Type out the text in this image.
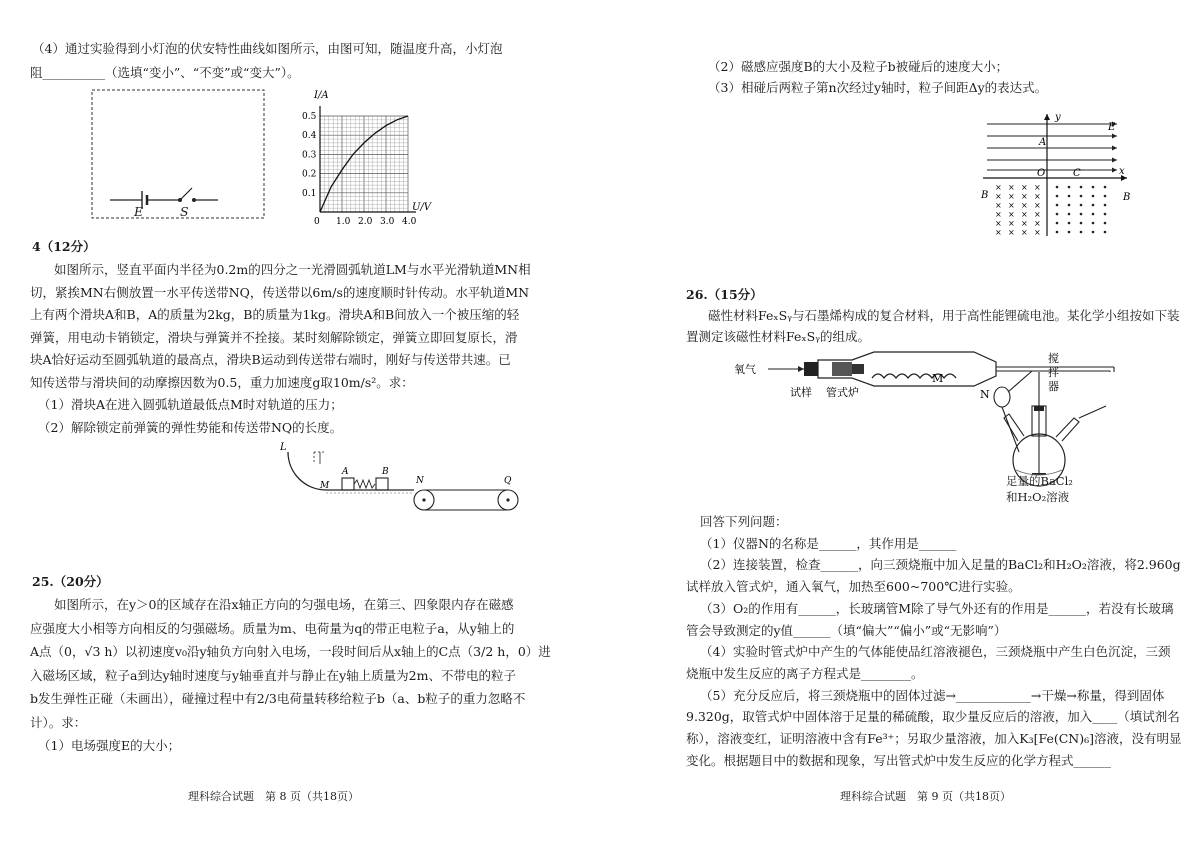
（4）通过实验得到小灯泡的伏安特性曲线如图所示，由图可知，随温度升高，小灯泡
阻__________（选填“变小”、“不变”或“变大”）。
E	S
0 1.0 2.0 3.0 4.0
0.1
0.2
0.3
0.4
0.5
I/A
U/V
4（12分）
如图所示，竖直平面内半径为0.2m的四分之一光滑圆弧轨道LM与水平光滑轨道MN相
切，紧挨MN右侧放置一水平传送带NQ，传送带以6m/s的速度顺时针传动。水平轨道MN
上有两个滑块A和B，A的质量为2kg，B的质量为1kg。滑块A和B间放入一个被压缩的轻
弹簧，用电动卡销锁定，滑块与弹簧并不拴接。某时刻解除锁定，弹簧立即回复原长，滑
块A恰好运动至圆弧轨道的最高点，滑块B运动到传送带右端时，刚好与传送带共速。已
知传送带与滑块间的动摩擦因数为0.5，重力加速度g取10m/s²。求：
（1）滑块A在进入圆弧轨道最低点M时对轨道的压力；
（2）解除锁定前弹簧的弹性势能和传送带NQ的长度。
L
M
A	B
N	Q
25.（20分）
如图所示，在y＞0的区域存在沿x轴正方向的匀强电场，在第三、四象限内存在磁感
应强度大小相等方向相反的匀强磁场。质量为m、电荷量为q的带正电粒子a，从y轴上的
A点（0，√3 h）以初速度v₀沿y轴负方向射入电场，一段时间后从x轴上的C点（3/2 h，0）进
入磁场区域，粒子a到达y轴时速度与y轴垂直并与静止在y轴上质量为2m、不带电的粒子
b发生弹性正碰（未画出），碰撞过程中有2/3电荷量转移给粒子b（a、b粒子的重力忽略不
计）。求：
（1）电场强度E的大小；
理科综合试题　第 8 页（共18页）
（2）磁感应强度B的大小及粒子b被碰后的速度大小；
（3）相碰后两粒子第n次经过y轴时，粒子间距Δy的表达式。
× × × ×
× × × ×
× × × ×
× × × ×
× × × ×
× × × ×
y
E
A
O	C	x
B	B
26.（15分）
磁性材料FeₓSᵧ与石墨烯构成的复合材料，用于高性能锂硫电池。某化学小组按如下装
置测定该磁性材料FeₓSᵧ的组成。
氧气
试样 管式炉
M
N
搅
拌
器
足量的BaCl₂
和H₂O₂溶液
回答下列问题：
（1）仪器N的名称是______，其作用是______
（2）连接装置，检查______，向三颈烧瓶中加入足量的BaCl₂和H₂O₂溶液，将2.960g
试样放入管式炉，通入氧气，加热至600~700℃进行实验。
（3）O₂的作用有______，长玻璃管M除了导气外还有的作用是______，若没有长玻璃
管会导致测定的y值______（填“偏大”“偏小”或“无影响”）
（4）实验时管式炉中产生的气体能使品红溶液褪色，三颈烧瓶中产生白色沉淀，三颈
烧瓶中发生反应的离子方程式是________。
（5）充分反应后，将三颈烧瓶中的固体过滤→____________→干燥→称量，得到固体
9.320g，取管式炉中固体溶于足量的稀硫酸，取少量反应后的溶液，加入____（填试剂名
称），溶液变红，证明溶液中含有Fe³⁺；另取少量溶液，加入K₃[Fe(CN)₆]溶液，没有明显
变化。根据题目中的数据和现象，写出管式炉中发生反应的化学方程式______
理科综合试题　第 9 页（共18页）
